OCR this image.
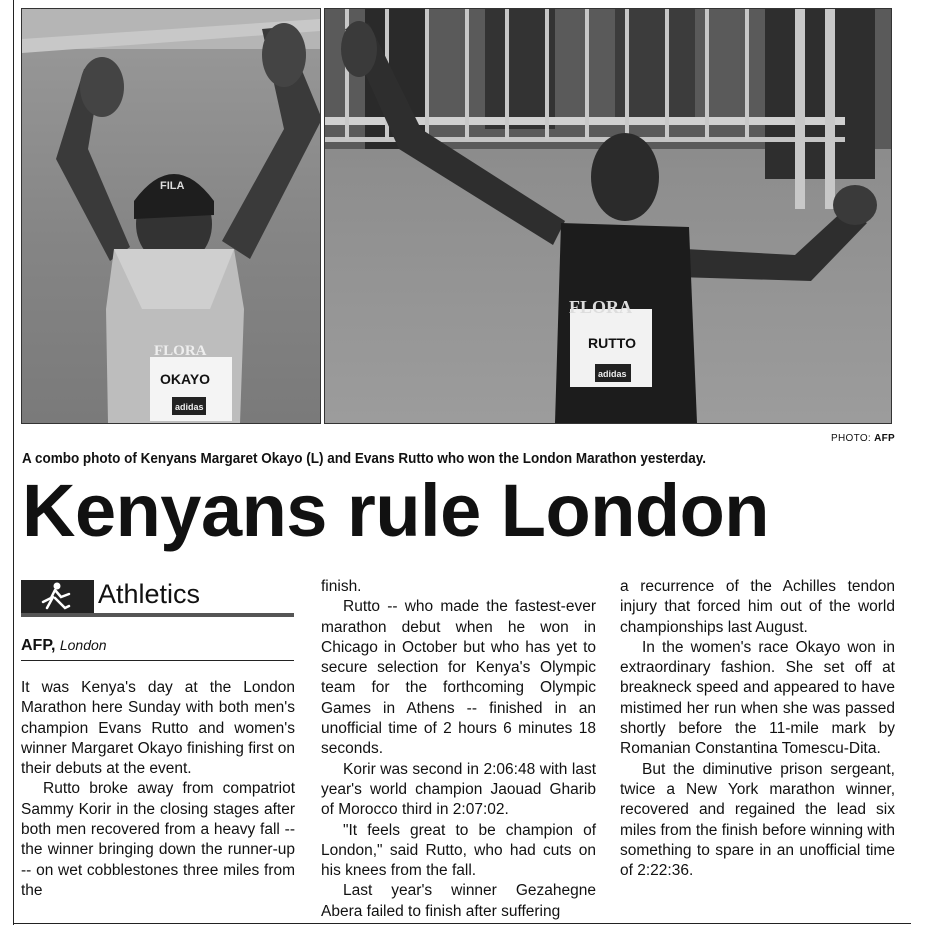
FILA
FLORA
OKAYO
adidas
FLORA
RUTTO
adidas
PHOTO: AFP
A combo photo of Kenyans Margaret Okayo (L) and Evans Rutto who won the London Marathon yesterday.
Kenyans rule London
Athletics
AFP, London

It was Kenya's day at the London Marathon here Sunday with both men's champion Evans Rutto and women's winner Margaret Okayo finishing first on their debuts at the event.

Rutto broke away from compatriot Sammy Korir in the closing stages after both men recovered from a heavy fall -- the winner bringing down the runner-up -- on wet cobblestones three miles from the

finish.

Rutto -- who made the fastest-ever marathon debut when he won in Chicago in October but who has yet to secure selection for Kenya's Olympic team for the forthcoming Olympic Games in Athens -- finished in an unofficial time of 2 hours 6 minutes 18 seconds.

Korir was second in 2:06:48 with last year's world champion Jaouad Gharib of Morocco third in 2:07:02.

"It feels great to be champion of London," said Rutto, who had cuts on his knees from the fall.

Last year's winner Gezahegne Abera failed to finish after suffering

a recurrence of the Achilles tendon injury that forced him out of the world championships last August.

In the women's race Okayo won in extraordinary fashion. She set off at breakneck speed and appeared to have mistimed her run when she was passed shortly before the 11-mile mark by Romanian Constantina Tomescu-Dita.

But the diminutive prison sergeant, twice a New York marathon winner, recovered and regained the lead six miles from the finish before winning with something to spare in an unofficial time of 2:22:36.
